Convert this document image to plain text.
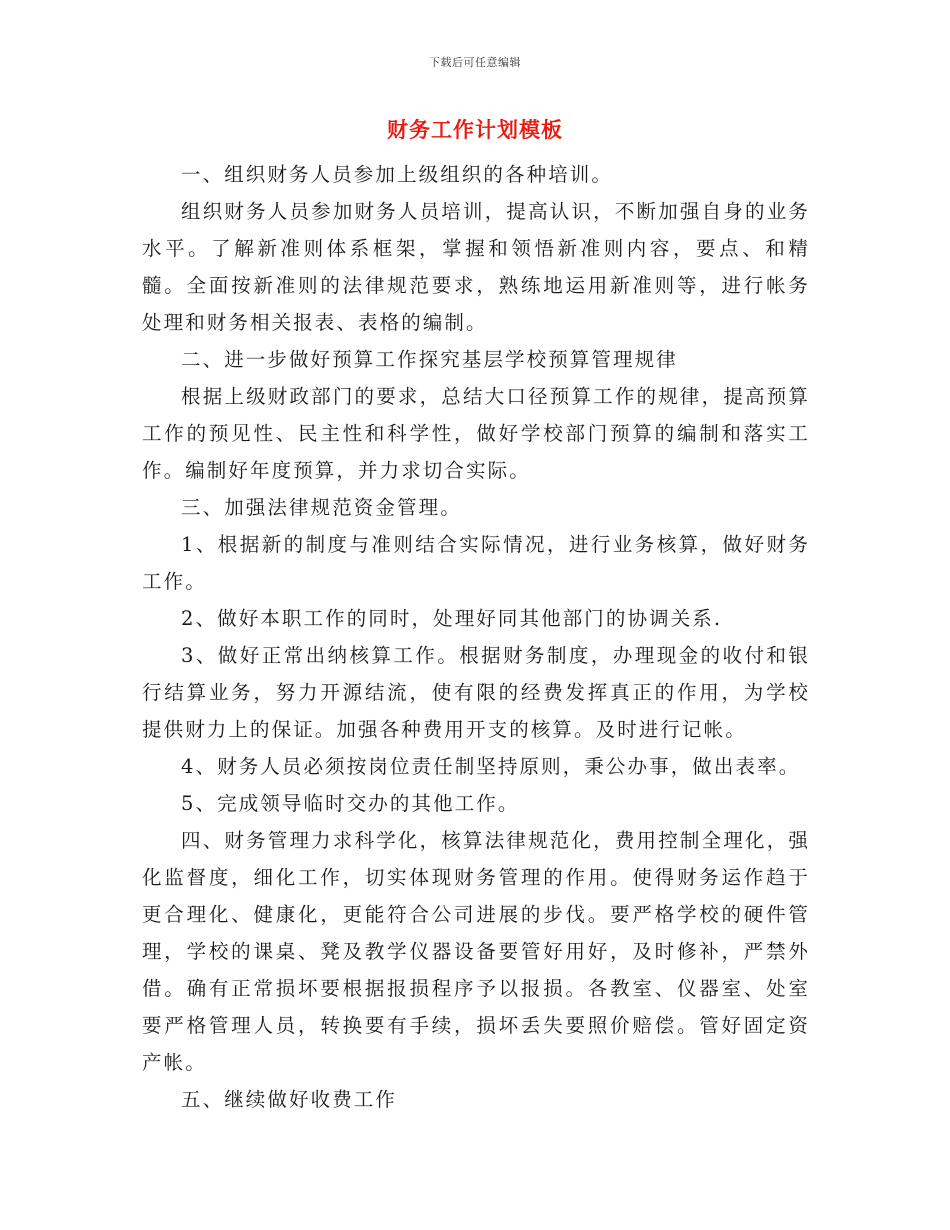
下载后可任意编辑
财务工作计划模板

一、组织财务人员参加上级组织的各种培训。

组织财务人员参加财务人员培训，提高认识，不断加强自身的业务水平。了解新准则体系框架，掌握和领悟新准则内容，要点、和精髓。全面按新准则的法律规范要求，熟练地运用新准则等，进行帐务处理和财务相关报表、表格的编制。

二、进一步做好预算工作探究基层学校预算管理规律

根据上级财政部门的要求，总结大口径预算工作的规律，提高预算工作的预见性、民主性和科学性，做好学校部门预算的编制和落实工作。编制好年度预算，并力求切合实际。

三、加强法律规范资金管理。

1、根据新的制度与准则结合实际情况，进行业务核算，做好财务工作。

2、做好本职工作的同时，处理好同其他部门的协调关系.

3、做好正常出纳核算工作。根据财务制度，办理现金的收付和银行结算业务，努力开源结流，使有限的经费发挥真正的作用，为学校提供财力上的保证。加强各种费用开支的核算。及时进行记帐。

4、财务人员必须按岗位责任制坚持原则，秉公办事，做出表率。

5、完成领导临时交办的其他工作。

四、财务管理力求科学化，核算法律规范化，费用控制全理化，强化监督度，细化工作，切实体现财务管理的作用。使得财务运作趋于更合理化、健康化，更能符合公司进展的步伐。要严格学校的硬件管理，学校的课桌、凳及教学仪器设备要管好用好，及时修补，严禁外借。确有正常损坏要根据报损程序予以报损。各教室、仪器室、处室要严格管理人员，转换要有手续，损坏丢失要照价赔偿。管好固定资产帐。

五、继续做好收费工作
